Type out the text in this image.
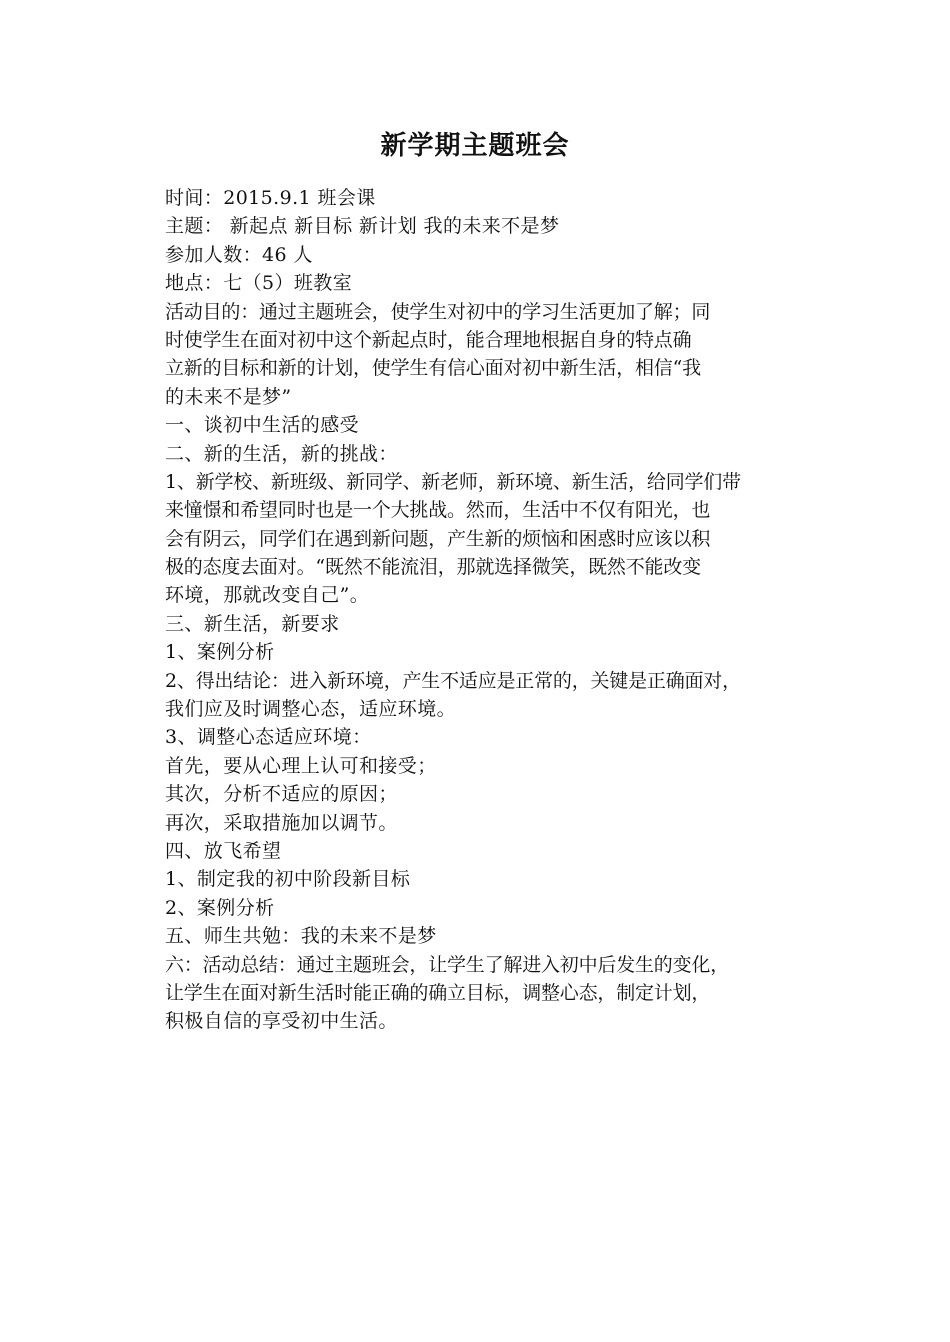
新学期主题班会
时间：2015.9.1 班会课
主题： 新起点 新目标 新计划 我的未来不是梦
参加人数：46 人
地点：七（5）班教室
活动目的：通过主题班会，使学生对初中的学习生活更加了解；同
时使学生在面对初中这个新起点时，能合理地根据自身的特点确
立新的目标和新的计划，使学生有信心面对初中新生活，相信“我
的未来不是梦”
一、谈初中生活的感受
二、新的生活，新的挑战：
1、新学校、新班级、新同学、新老师，新环境、新生活，给同学们带
来憧憬和希望同时也是一个大挑战。然而，生活中不仅有阳光，也
会有阴云，同学们在遇到新问题，产生新的烦恼和困惑时应该以积
极的态度去面对。“既然不能流泪，那就选择微笑，既然不能改变
环境，那就改变自己”。
三、新生活，新要求
1、案例分析
2、得出结论：进入新环境，产生不适应是正常的，关键是正确面对，
我们应及时调整心态，适应环境。
3、调整心态适应环境：
首先，要从心理上认可和接受；
其次，分析不适应的原因；
再次，采取措施加以调节。
四、放飞希望
1、制定我的初中阶段新目标
2、案例分析
五、师生共勉：我的未来不是梦
六：活动总结：通过主题班会，让学生了解进入初中后发生的变化，
让学生在面对新生活时能正确的确立目标，调整心态，制定计划，
积极自信的享受初中生活。
